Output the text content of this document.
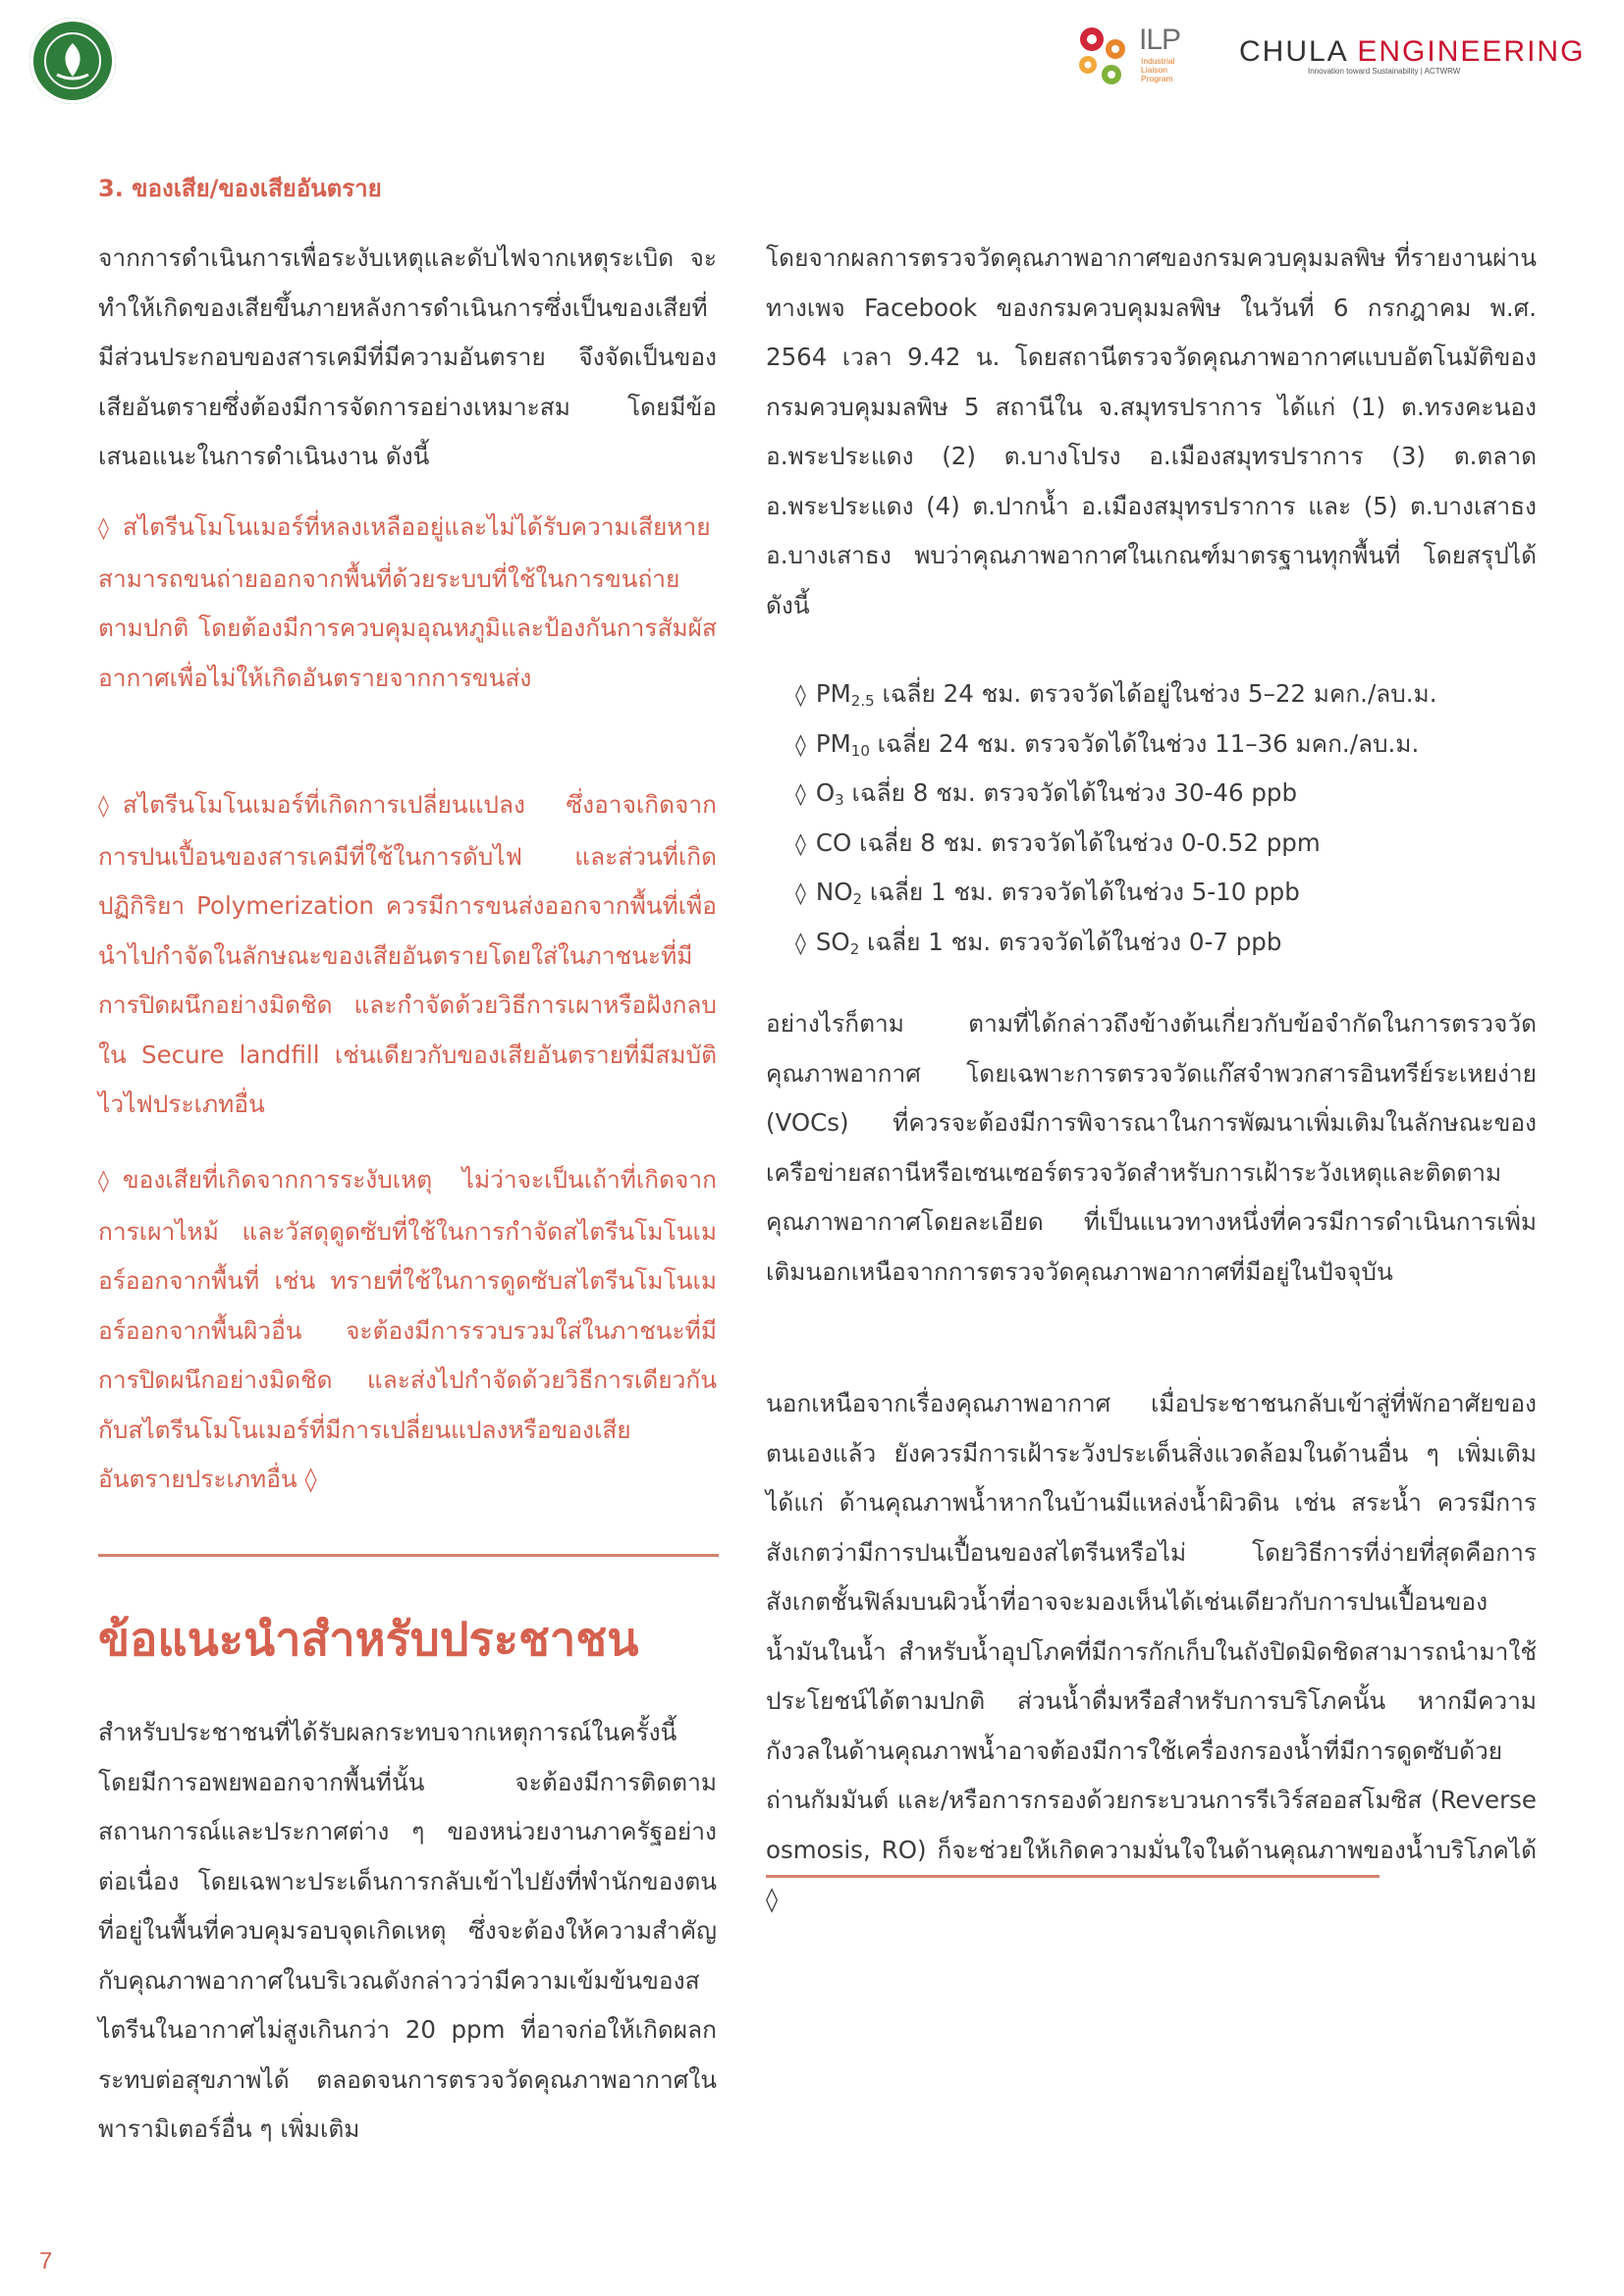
ILP
Industrial Liaison Program
CHULA ENGINEERING
Innovation toward Sustainability | ACTWRW
3. ของเสีย/ของเสียอันตราย

จากการดำเนินการเพื่อระงับเหตุและดับไฟจากเหตุระเบิด จะทำให้เกิดของเสียขึ้นภายหลังการดำเนินการซึ่งเป็นของเสียที่มีส่วนประกอบของสารเคมีที่มีความอันตราย จึงจัดเป็นของเสียอันตรายซึ่งต้องมีการจัดการอย่างเหมาะสม โดยมีข้อเสนอแนะในการดำเนินงาน ดังนี้

◊ สไตรีนโมโนเมอร์ที่หลงเหลืออยู่และไม่ได้รับความเสียหาย สามารถขนถ่ายออกจากพื้นที่ด้วยระบบที่ใช้ในการขนถ่ายตามปกติ โดยต้องมีการควบคุมอุณหภูมิและป้องกันการสัมผัสอากาศเพื่อไม่ให้เกิดอันตรายจากการขนส่ง

◊ สไตรีนโมโนเมอร์ที่เกิดการเปลี่ยนแปลง ซึ่งอาจเกิดจากการปนเปื้อนของสารเคมีที่ใช้ในการดับไฟ และส่วนที่เกิดปฏิกิริยา Polymerization ควรมีการขนส่งออกจากพื้นที่เพื่อนำไปกำจัดในลักษณะของเสียอันตรายโดยใส่ในภาชนะที่มีการปิดผนึกอย่างมิดชิด และกำจัดด้วยวิธีการเผาหรือฝังกลบใน Secure landfill เช่นเดียวกับของเสียอันตรายที่มีสมบัติไวไฟประเภทอื่น

◊ ของเสียที่เกิดจากการระงับเหตุ ไม่ว่าจะเป็นเถ้าที่เกิดจากการเผาไหม้ และวัสดุดูดซับที่ใช้ในการกำจัดสไตรีนโมโนเมอร์ออกจากพื้นที่ เช่น ทรายที่ใช้ในการดูดซับสไตรีนโมโนเมอร์ออกจากพื้นผิวอื่น จะต้องมีการรวบรวมใส่ในภาชนะที่มีการปิดผนึกอย่างมิดชิด และส่งไปกำจัดด้วยวิธีการเดียวกันกับสไตรีนโมโนเมอร์ที่มีการเปลี่ยนแปลงหรือของเสียอันตรายประเภทอื่น ◊

ข้อแนะนำสำหรับประชาชน

สำหรับประชาชนที่ได้รับผลกระทบจากเหตุการณ์ในครั้งนี้โดยมีการอพยพออกจากพื้นที่นั้น จะต้องมีการติดตามสถานการณ์และประกาศต่าง ๆ ของหน่วยงานภาครัฐอย่างต่อเนื่อง โดยเฉพาะประเด็นการกลับเข้าไปยังที่พำนักของตนที่อยู่ในพื้นที่ควบคุมรอบจุดเกิดเหตุ ซึ่งจะต้องให้ความสำคัญกับคุณภาพอากาศในบริเวณดังกล่าวว่ามีความเข้มข้นของสไตรีนในอากาศไม่สูงเกินกว่า 20 ppm ที่อาจก่อให้เกิดผลกระทบต่อสุขภาพได้ ตลอดจนการตรวจวัดคุณภาพอากาศในพารามิเตอร์อื่น ๆ เพิ่มเติม

โดยจากผลการตรวจวัดคุณภาพอากาศของกรมควบคุมมลพิษ ที่รายงานผ่านทางเพจ Facebook ของกรมควบคุมมลพิษ ในวันที่ 6 กรกฎาคม พ.ศ. 2564 เวลา 9.42 น. โดยสถานีตรวจวัดคุณภาพอากาศแบบอัตโนมัติของกรมควบคุมมลพิษ 5 สถานีใน จ.สมุทรปราการ ได้แก่ (1) ต.ทรงคะนอง อ.พระประแดง (2) ต.บางโปรง อ.เมืองสมุทรปราการ (3) ต.ตลาด อ.พระประแดง (4) ต.ปากน้ำ อ.เมืองสมุทรปราการ และ (5) ต.บางเสาธง อ.บางเสาธง พบว่าคุณภาพอากาศในเกณฑ์มาตรฐานทุกพื้นที่ โดยสรุปได้ดังนี้

◊ $PM_{2.5}$ เฉลี่ย 24 ชม. ตรวจวัดได้อยู่ในช่วง 5–22 มคก./ลบ.ม.
◊ $PM_{10}$ เฉลี่ย 24 ชม. ตรวจวัดได้ในช่วง 11–36 มคก./ลบ.ม.
◊ $O_3$ เฉลี่ย 8 ชม. ตรวจวัดได้ในช่วง 30-46 ppb
◊ CO เฉลี่ย 8 ชม. ตรวจวัดได้ในช่วง 0-0.52 ppm
◊ $NO_2$ เฉลี่ย 1 ชม. ตรวจวัดได้ในช่วง 5-10 ppb
◊ $SO_2$ เฉลี่ย 1 ชม. ตรวจวัดได้ในช่วง 0-7 ppb

อย่างไรก็ตาม ตามที่ได้กล่าวถึงข้างต้นเกี่ยวกับข้อจำกัดในการตรวจวัดคุณภาพอากาศ โดยเฉพาะการตรวจวัดแก๊สจำพวกสารอินทรีย์ระเหยง่าย (VOCs) ที่ควรจะต้องมีการพิจารณาในการพัฒนาเพิ่มเติมในลักษณะของเครือข่ายสถานีหรือเซนเซอร์ตรวจวัดสำหรับการเฝ้าระวังเหตุและติดตามคุณภาพอากาศโดยละเอียด ที่เป็นแนวทางหนึ่งที่ควรมีการดำเนินการเพิ่มเติมนอกเหนือจากการตรวจวัดคุณภาพอากาศที่มีอยู่ในปัจจุบัน

นอกเหนือจากเรื่องคุณภาพอากาศ เมื่อประชาชนกลับเข้าสู่ที่พักอาศัยของตนเองแล้ว ยังควรมีการเฝ้าระวังประเด็นสิ่งแวดล้อมในด้านอื่น ๆ เพิ่มเติม ได้แก่ ด้านคุณภาพน้ำหากในบ้านมีแหล่งน้ำผิวดิน เช่น สระน้ำ ควรมีการสังเกตว่ามีการปนเปื้อนของสไตรีนหรือไม่ โดยวิธีการที่ง่ายที่สุดคือการสังเกตชั้นฟิล์มบนผิวน้ำที่อาจจะมองเห็นได้เช่นเดียวกับการปนเปื้อนของน้ำมันในน้ำ สำหรับน้ำอุปโภคที่มีการกักเก็บในถังปิดมิดชิดสามารถนำมาใช้ประโยชน์ได้ตามปกติ ส่วนน้ำดื่มหรือสำหรับการบริโภคนั้น หากมีความกังวลในด้านคุณภาพน้ำอาจต้องมีการใช้เครื่องกรองน้ำที่มีการดูดซับด้วยถ่านกัมมันต์ และ/หรือการกรองด้วยกระบวนการรีเวิร์สออสโมซิส (Reverse osmosis, RO) ก็จะช่วยให้เกิดความมั่นใจในด้านคุณภาพของน้ำบริโภคได้ ◊

7
